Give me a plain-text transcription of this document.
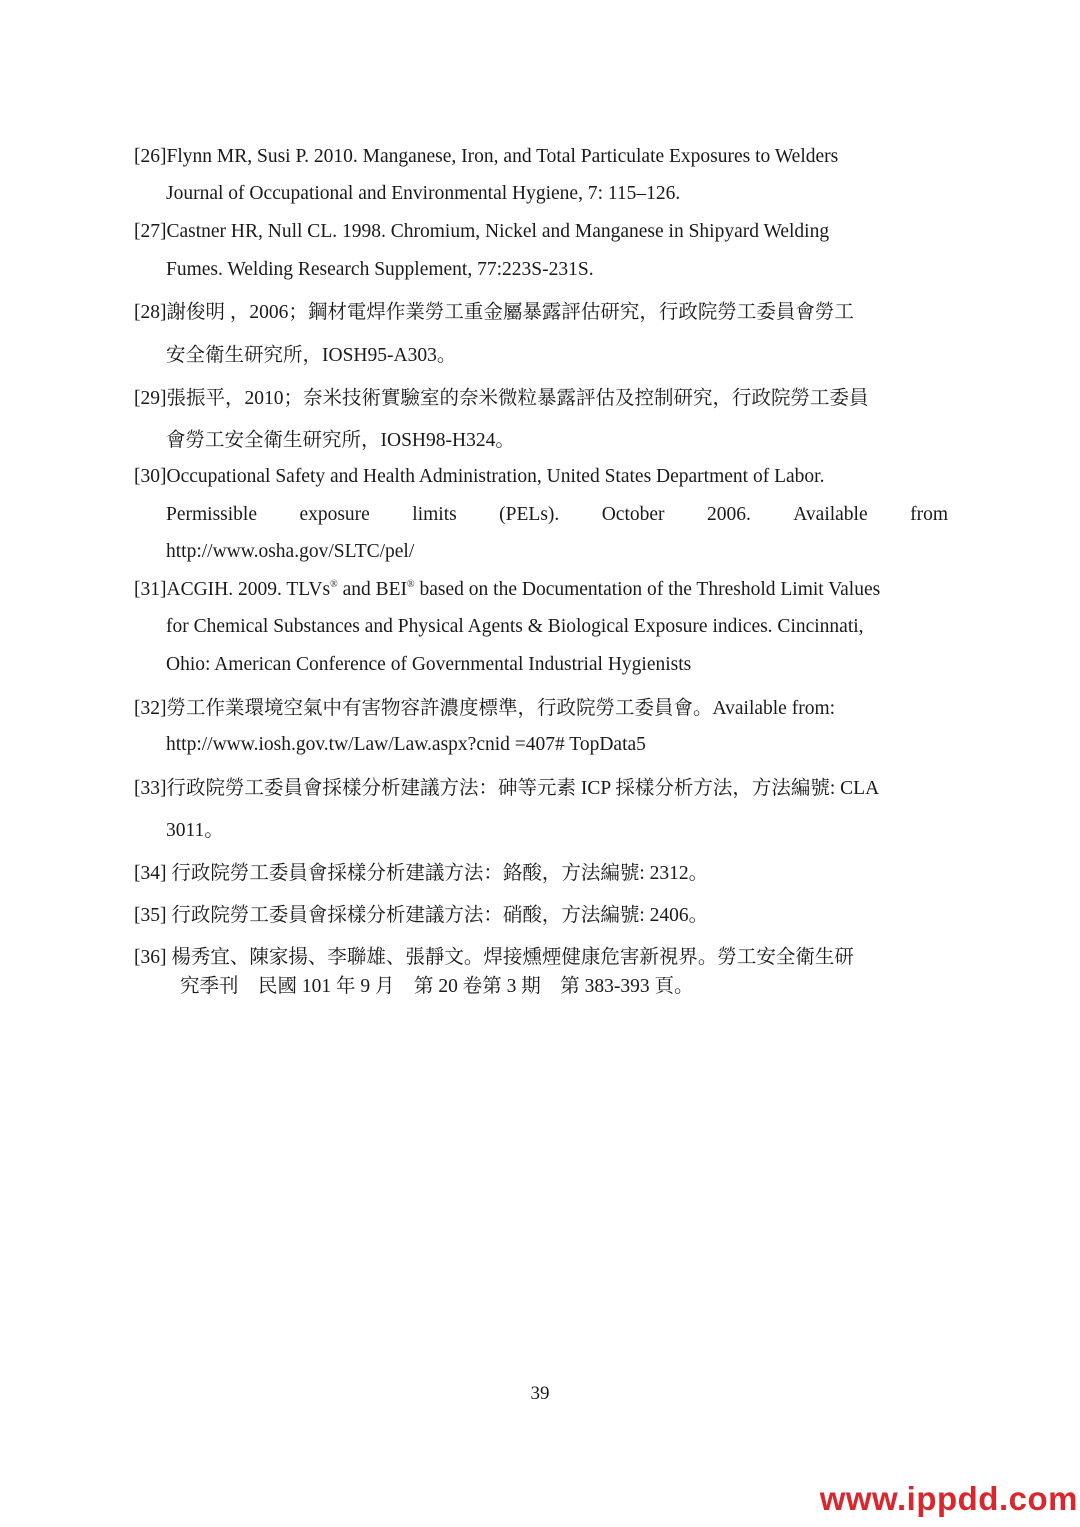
[26]Flynn MR, Susi P. 2010. Manganese, Iron, and Total Particulate Exposures to Welders
Journal of Occupational and Environmental Hygiene, 7: 115–126.
[27]Castner HR, Null CL. 1998. Chromium, Nickel and Manganese in Shipyard Welding
Fumes. Welding Research Supplement, 77:223S-231S.
[28]謝俊明 ，2006；鋼材電焊作業勞工重金屬暴露評估研究，行政院勞工委員會勞工
安全衛生研究所，IOSH95-A303。
[29]張振平，2010；奈米技術實驗室的奈米微粒暴露評估及控制研究，行政院勞工委員
會勞工安全衛生研究所，IOSH98-H324。
[30]Occupational Safety and Health Administration, United States Department of Labor.
Permissible exposure limits (PELs). October 2006. Available from
http://www.osha.gov/SLTC/pel/
[31]ACGIH. 2009. TLVs® and BEI® based on the Documentation of the Threshold Limit Values
for Chemical Substances and Physical Agents & Biological Exposure indices. Cincinnati,
Ohio: American Conference of Governmental Industrial Hygienists
[32]勞工作業環境空氣中有害物容許濃度標準，行政院勞工委員會。Available from:
http://www.iosh.gov.tw/Law/Law.aspx?cnid =407# TopData5
[33]行政院勞工委員會採樣分析建議方法：砷等元素 ICP 採樣分析方法，方法編號: CLA
3011。
[34] 行政院勞工委員會採樣分析建議方法：鉻酸，方法編號: 2312。
[35] 行政院勞工委員會採樣分析建議方法：硝酸，方法編號: 2406。
[36] 楊秀宜、陳家揚、李聯雄、張靜文。焊接燻煙健康危害新視界。勞工安全衛生研
究季刊　民國 101 年 9 月　第 20 卷第 3 期　第 383-393 頁。
39
www.ippdd.com
